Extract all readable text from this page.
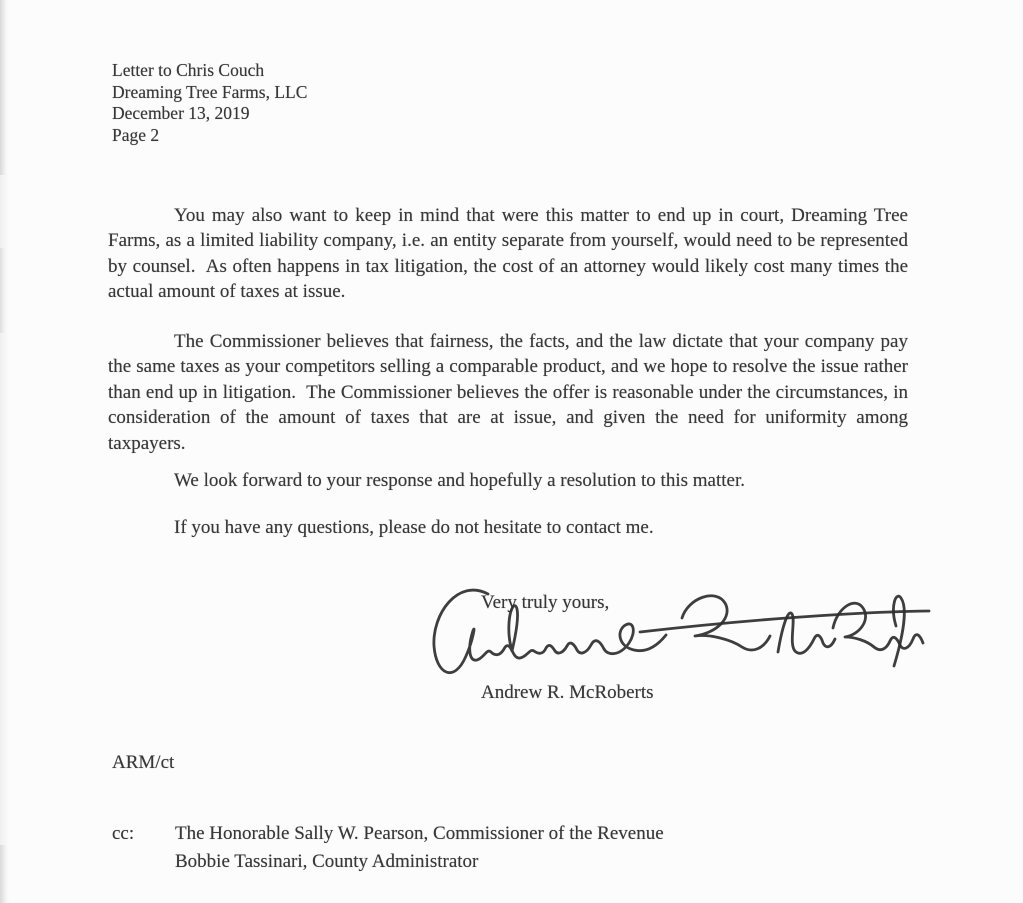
Letter to Chris Couch
Dreaming Tree Farms, LLC
December 13, 2019
Page 2

You may also want to keep in mind that were this matter to end up in court, Dreaming Tree Farms, as a limited liability company, i.e. an entity separate from yourself, would need to be represented by counsel.  As often happens in tax litigation, the cost of an attorney would likely cost many times the actual amount of taxes at issue.

The Commissioner believes that fairness, the facts, and the law dictate that your company pay the same taxes as your competitors selling a comparable product, and we hope to resolve the issue rather than end up in litigation.  The Commissioner believes the offer is reasonable under the circumstances, in consideration of the amount of taxes that are at issue, and given the need for uniformity among taxpayers.

We look forward to your response and hopefully a resolution to this matter.

If you have any questions, please do not hesitate to contact me.

Very truly yours,
Andrew R. McRoberts
ARM/ct
cc:	The Honorable Sally W. Pearson, Commissioner of the Revenue
Bobbie Tassinari, County Administrator
